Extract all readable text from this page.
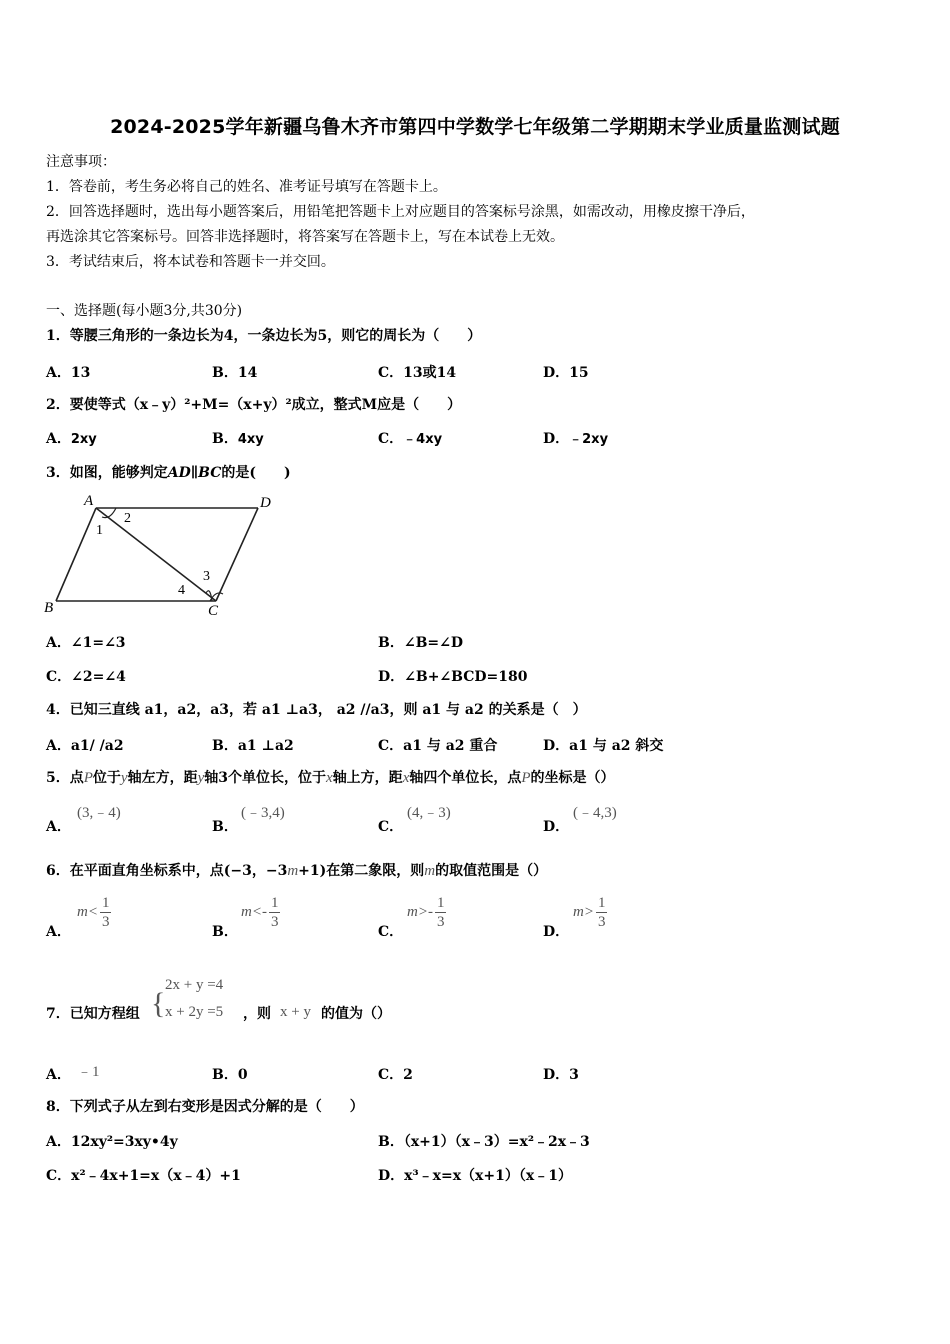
2024-2025学年新疆乌鲁木齐市第四中学数学七年级第二学期期末学业质量监测试题
注意事项：
1．答卷前，考生务必将自己的姓名、准考证号填写在答题卡上。
2．回答选择题时，选出每小题答案后，用铅笔把答题卡上对应题目的答案标号涂黑，如需改动，用橡皮擦干净后，
再选涂其它答案标号。回答非选择题时，将答案写在答题卡上，写在本试卷上无效。
3．考试结束后，将本试卷和答题卡一并交回。
一、选择题(每小题3分,共30分)
1．等腰三角形的一条边长为4，一条边长为5，则它的周长为（　　）
A．13	B．14	C．13或14	D．15
2．要使等式（x﹣y）²+M=（x+y）²成立，整式M应是（　　）
A．2xy	B．4xy	C．﹣4xy	D．﹣2xy
3．如图，能够判定AD∥BC的是(　　)
A	D
B	C
1
2
3
4
A．∠1=∠3	B．∠B=∠D
C．∠2=∠4	D．∠B+∠BCD=180
4．已知三直线 a1，a2，a3，若 a1 ⊥a3， a2 //a3，则 a1 与 a2 的关系是（　）
A．a1/ /a2	B．a1 ⊥a2	C．a1 与 a2 重合	D．a1 与 a2 斜交
5．点P位于y轴左方，距y轴3个单位长，位于x轴上方，距x轴四个单位长，点P的坐标是（）
A．
(3,﹣4)
B．
(﹣3,4)
C．
(4,﹣3)
D．
(﹣4,3)
6．在平面直角坐标系中，点(−3，−3m+1)在第二象限，则m的取值范围是（）
A．
$m< \frac{1}{3}$
B．
$m<- \frac{1}{3}$
C．
$m>- \frac{1}{3}$
D．
$m> \frac{1}{3}$
7．已知方程组 {
2x + y =4
x + 2y =5 ，则 x + y 的值为（）
A． ﹣1	B．0	C．2	D．3
8．下列式子从左到右变形是因式分解的是（　　）
A．12xy²=3xy•4y	B．（x+1）（x﹣3）=x²﹣2x﹣3
C．x²﹣4x+1=x（x﹣4）+1	D．x³﹣x=x（x+1）（x﹣1）
